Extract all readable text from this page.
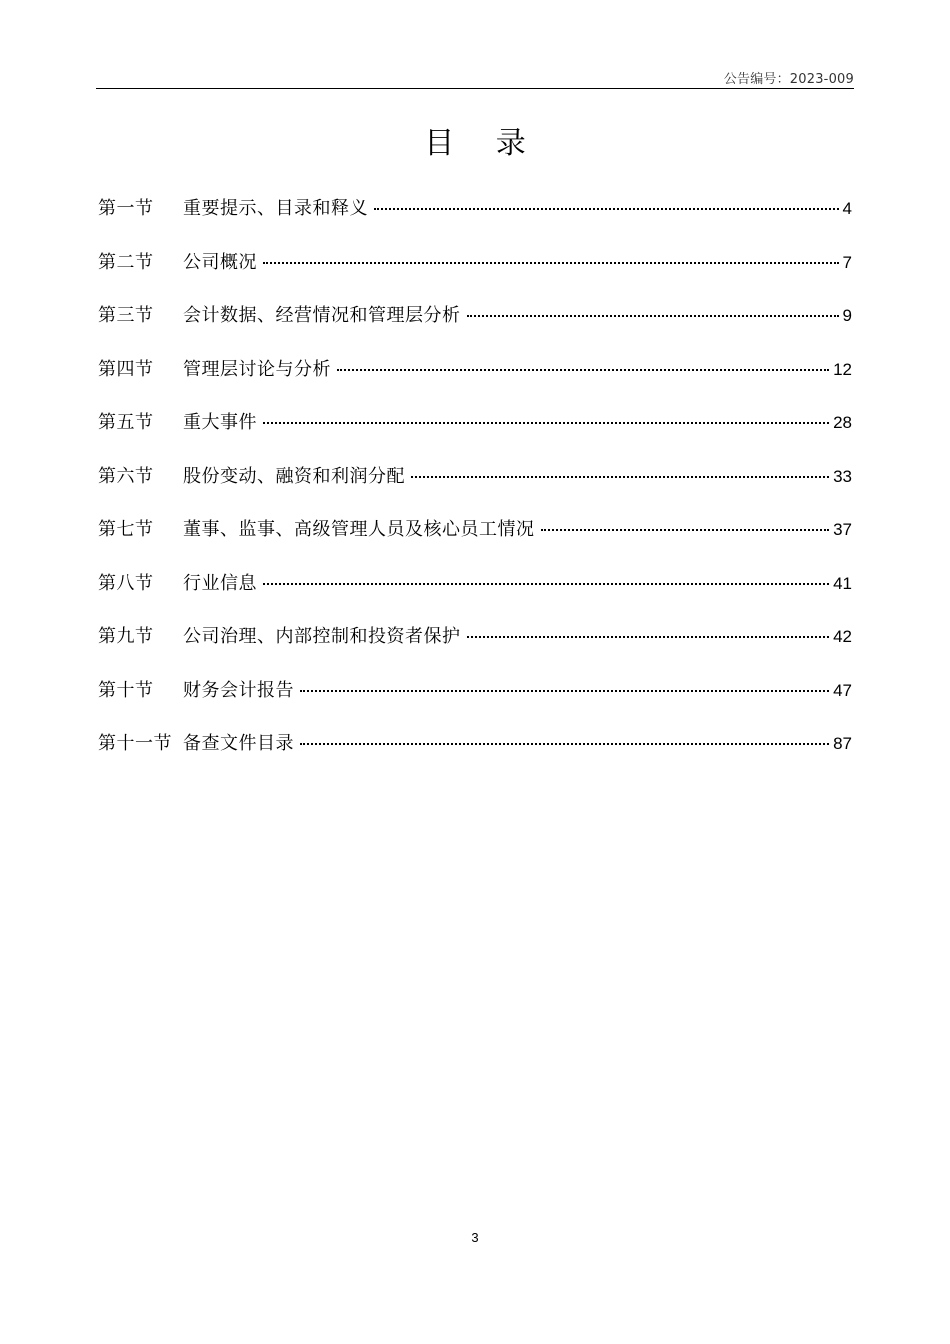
公告编号：2023-009
目 录
第一节	重要提示、目录和释义	4
第二节	公司概况	7
第三节	会计数据、经营情况和管理层分析	9
第四节	管理层讨论与分析	12
第五节	重大事件	28
第六节	股份变动、融资和利润分配	33
第七节	董事、监事、高级管理人员及核心员工情况	37
第八节	行业信息	41
第九节	公司治理、内部控制和投资者保护	42
第十节	财务会计报告	47
第十一节 备查文件目录	87
3
